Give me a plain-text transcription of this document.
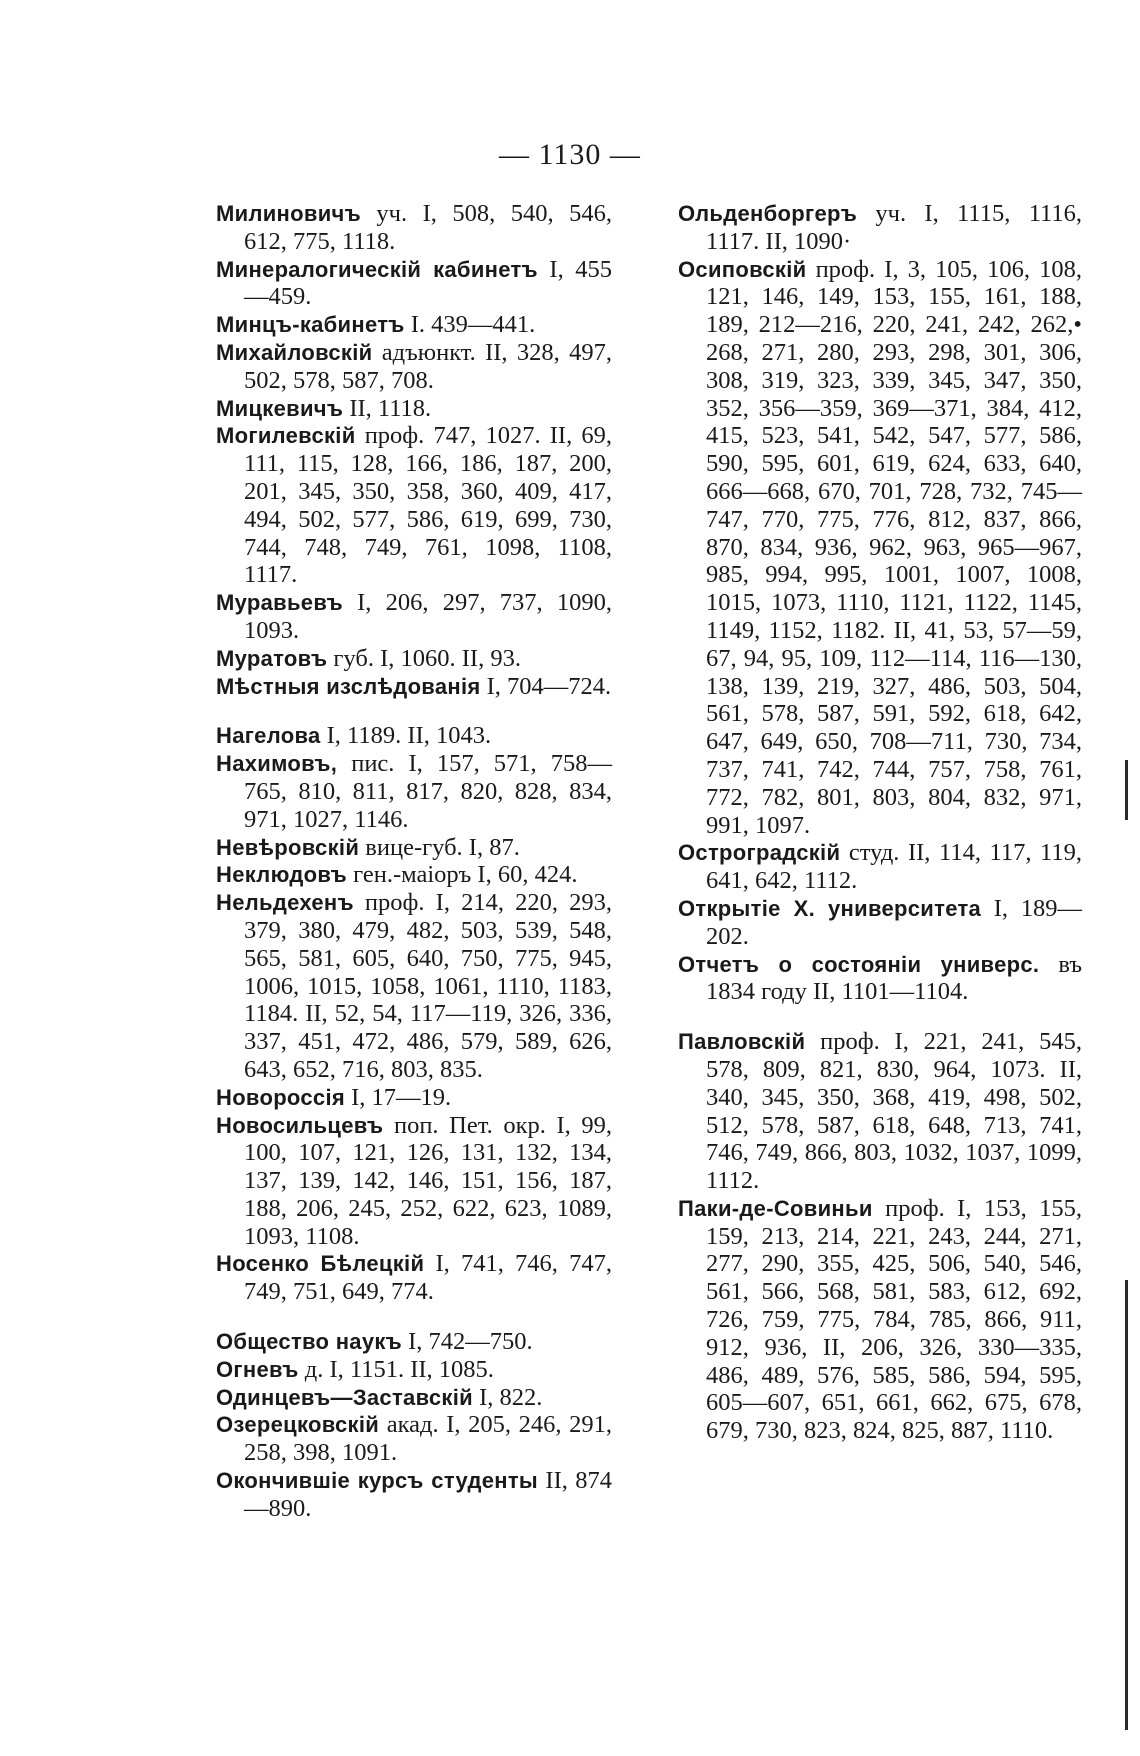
— 1130 —

Милиновичъ уч. I, 508, 540, 546, 612, 775, 1118.

Минералогическій кабинетъ I, 455—459.

Минцъ-кабинетъ I. 439—441.

Михайловскій адъюнкт. II, 328, 497, 502, 578, 587, 708.

Мицкевичъ II, 1118.

Могилевскій проф. 747, 1027. II, 69, 111, 115, 128, 166, 186, 187, 200, 201, 345, 350, 358, 360, 409, 417, 494, 502, 577, 586, 619, 699, 730, 744, 748, 749, 761, 1098, 1108, 1117.

Муравьевъ I, 206, 297, 737, 1090, 1093.

Муратовъ губ. I, 1060. II, 93.

Мѣстныя изслѣдованія I, 704—724.

Нагелова I, 1189. II, 1043.

Нахимовъ, пис. I, 157, 571, 758—765, 810, 811, 817, 820, 828, 834, 971, 1027, 1146.

Невѣровскій вице-губ. I, 87.

Неклюдовъ ген.-маіоръ I, 60, 424.

Нельдехенъ проф. I, 214, 220, 293, 379, 380, 479, 482, 503, 539, 548, 565, 581, 605, 640, 750, 775, 945, 1006, 1015, 1058, 1061, 1110, 1183, 1184. II, 52, 54, 117—119, 326, 336, 337, 451, 472, 486, 579, 589, 626, 643, 652, 716, 803, 835.

Новороссія I, 17—19.

Новосильцевъ поп. Пет. окр. I, 99, 100, 107, 121, 126, 131, 132, 134, 137, 139, 142, 146, 151, 156, 187, 188, 206, 245, 252, 622, 623, 1089, 1093, 1108.

Носенко Бѣлецкій I, 741, 746, 747, 749, 751, 649, 774.

Общество наукъ I, 742—750.

Огневъ д. I, 1151. II, 1085.

Одинцевъ—Заставскій I, 822.

Озерецковскій акад. I, 205, 246, 291, 258, 398, 1091.

Окончившіе курсъ студенты II, 874—890.

Ольденборгеръ уч. I, 1115, 1116, 1117. II, 1090·

Осиповскій проф. I, 3, 105, 106, 108, 121, 146, 149, 153, 155, 161, 188, 189, 212—216, 220, 241, 242, 262,• 268, 271, 280, 293, 298, 301, 306, 308, 319, 323, 339, 345, 347, 350, 352, 356—359, 369—371, 384, 412, 415, 523, 541, 542, 547, 577, 586, 590, 595, 601, 619, 624, 633, 640, 666—668, 670, 701, 728, 732, 745—747, 770, 775, 776, 812, 837, 866, 870, 834, 936, 962, 963, 965—967, 985, 994, 995, 1001, 1007, 1008, 1015, 1073, 1110, 1121, 1122, 1145, 1149, 1152, 1182. II, 41, 53, 57—59, 67, 94, 95, 109, 112—114, 116—130, 138, 139, 219, 327, 486, 503, 504, 561, 578, 587, 591, 592, 618, 642, 647, 649, 650, 708—711, 730, 734, 737, 741, 742, 744, 757, 758, 761, 772, 782, 801, 803, 804, 832, 971, 991, 1097.

Остроградскій студ. II, 114, 117, 119, 641, 642, 1112.

Открытіе Х. университета I, 189—202.

Отчетъ о состояніи универс. въ 1834 году II, 1101—1104.

Павловскій проф. I, 221, 241, 545, 578, 809, 821, 830, 964, 1073. II, 340, 345, 350, 368, 419, 498, 502, 512, 578, 587, 618, 648, 713, 741, 746, 749, 866, 803, 1032, 1037, 1099, 1112.

Паки-де-Совиньи проф. I, 153, 155, 159, 213, 214, 221, 243, 244, 271, 277, 290, 355, 425, 506, 540, 546, 561, 566, 568, 581, 583, 612, 692, 726, 759, 775, 784, 785, 866, 911, 912, 936, II, 206, 326, 330—335, 486, 489, 576, 585, 586, 594, 595, 605—607, 651, 661, 662, 675, 678, 679, 730, 823, 824, 825, 887, 1110.
